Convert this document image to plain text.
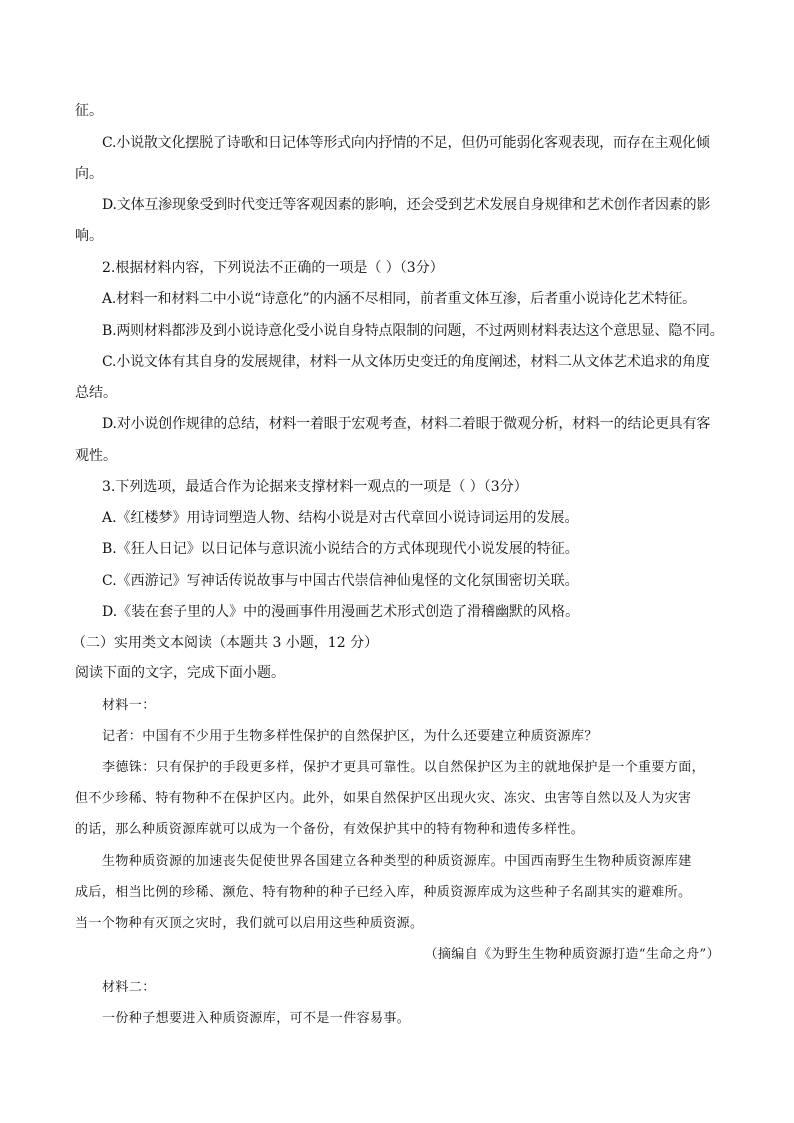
征。
C.小说散文化摆脱了诗歌和日记体等形式向内抒情的不足，但仍可能弱化客观表现，而存在主观化倾
向。
D.文体互渗现象受到时代变迁等客观因素的影响，还会受到艺术发展自身规律和艺术创作者因素的影
响。
2.根据材料内容，下列说法不正确的一项是（ ）（3分）
A.材料一和材料二中小说“诗意化”的内涵不尽相同，前者重文体互渗，后者重小说诗化艺术特征。
B.两则材料都涉及到小说诗意化受小说自身特点限制的问题，不过两则材料表达这个意思显、隐不同。
C.小说文体有其自身的发展规律，材料一从文体历史变迁的角度阐述，材料二从文体艺术追求的角度
总结。
D.对小说创作规律的总结，材料一着眼于宏观考查，材料二着眼于微观分析，材料一的结论更具有客
观性。
3.下列选项，最适合作为论据来支撑材料一观点的一项是（ ）（3分）
A.《红楼梦》用诗词塑造人物、结构小说是对古代章回小说诗词运用的发展。
B.《狂人日记》以日记体与意识流小说结合的方式体现现代小说发展的特征。
C.《西游记》写神话传说故事与中国古代崇信神仙鬼怪的文化氛围密切关联。
D.《装在套子里的人》中的漫画事件用漫画艺术形式创造了滑稽幽默的风格。
（二）实用类文本阅读（本题共 3 小题，12 分）
阅读下面的文字，完成下面小题。
材料一：
记者：中国有不少用于生物多样性保护的自然保护区，为什么还要建立种质资源库？
李德铢：只有保护的手段更多样，保护才更具可靠性。以自然保护区为主的就地保护是一个重要方面，
但不少珍稀、特有物种不在保护区内。此外，如果自然保护区出现火灾、冻灾、虫害等自然以及人为灾害
的话，那么种质资源库就可以成为一个备份，有效保护其中的特有物种和遗传多样性。
生物种质资源的加速丧失促使世界各国建立各种类型的种质资源库。中国西南野生生物种质资源库建
成后，相当比例的珍稀、濒危、特有物种的种子已经入库，种质资源库成为这些种子名副其实的避难所。
当一个物种有灭顶之灾时，我们就可以启用这些种质资源。
（摘编自《为野生生物种质资源打造“生命之舟”）
材料二：
一份种子想要进入种质资源库，可不是一件容易事。
